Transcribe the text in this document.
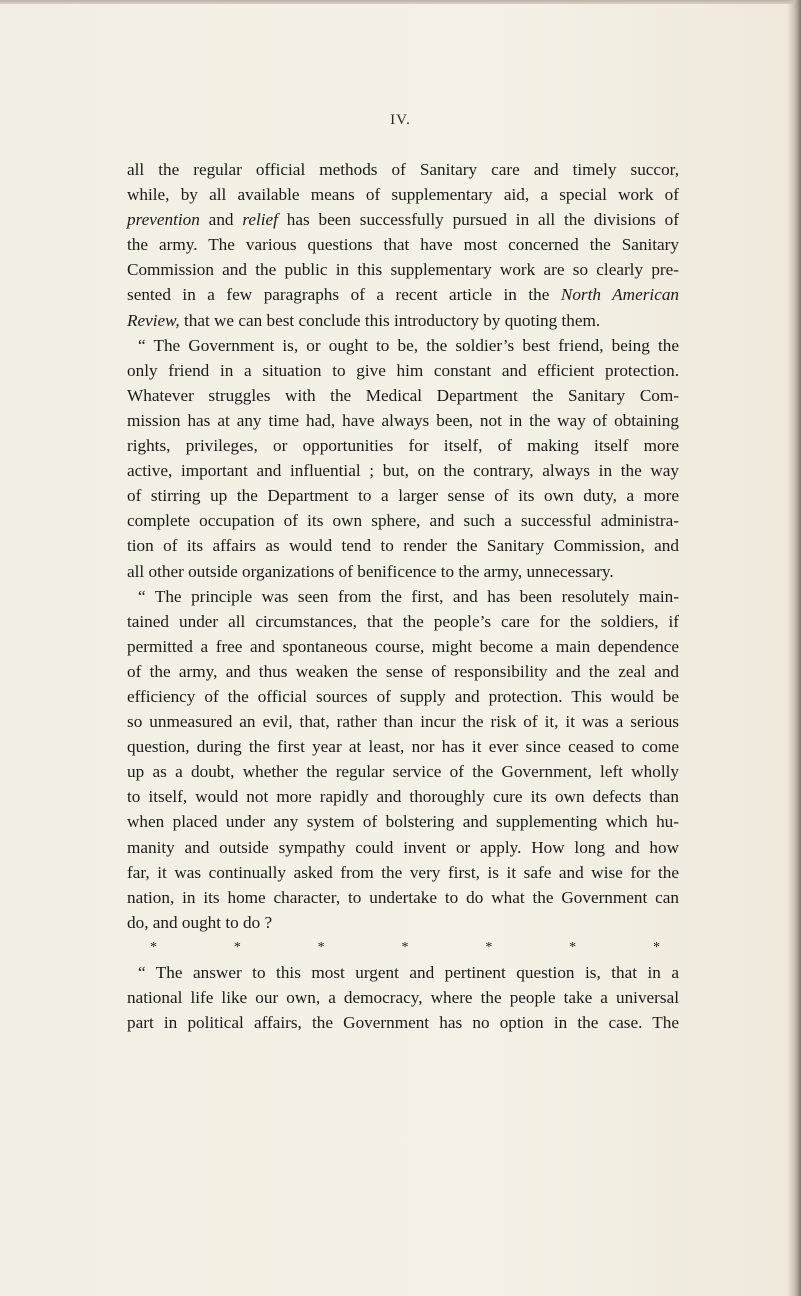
IV.
all the regular official methods of Sanitary care and timely succor,
while, by all available means of supplementary aid, a special work of
prevention and relief has been successfully pursued in all the divisions of
the army. The various questions that have most concerned the Sanitary
Commission and the public in this supplementary work are so clearly pre-
sented in a few paragraphs of a recent article in the North American
Review, that we can best conclude this introductory by quoting them.
“ The Government is, or ought to be, the soldier’s best friend, being the
only friend in a situation to give him constant and efficient protection.
Whatever struggles with the Medical Department the Sanitary Com-
mission has at any time had, have always been, not in the way of obtaining
rights, privileges, or opportunities for itself, of making itself more
active, important and influential ; but, on the contrary, always in the way
of stirring up the Department to a larger sense of its own duty, a more
complete occupation of its own sphere, and such a successful administra-
tion of its affairs as would tend to render the Sanitary Commission, and
all other outside organizations of benificence to the army, unnecessary.
“ The principle was seen from the first, and has been resolutely main-
tained under all circumstances, that the people’s care for the soldiers, if
permitted a free and spontaneous course, might become a main dependence
of the army, and thus weaken the sense of responsibility and the zeal and
efficiency of the official sources of supply and protection. This would be
so unmeasured an evil, that, rather than incur the risk of it, it was a serious
question, during the first year at least, nor has it ever since ceased to come
up as a doubt, whether the regular service of the Government, left wholly
to itself, would not more rapidly and thoroughly cure its own defects than
when placed under any system of bolstering and supplementing which hu-
manity and outside sympathy could invent or apply. How long and how
far, it was continually asked from the very first, is it safe and wise for the
nation, in its home character, to undertake to do what the Government can
do, and ought to do ?
*	*	*	*	*	*	*
“ The answer to this most urgent and pertinent question is, that in a
national life like our own, a democracy, where the people take a universal
part in political affairs, the Government has no option in the case. The
